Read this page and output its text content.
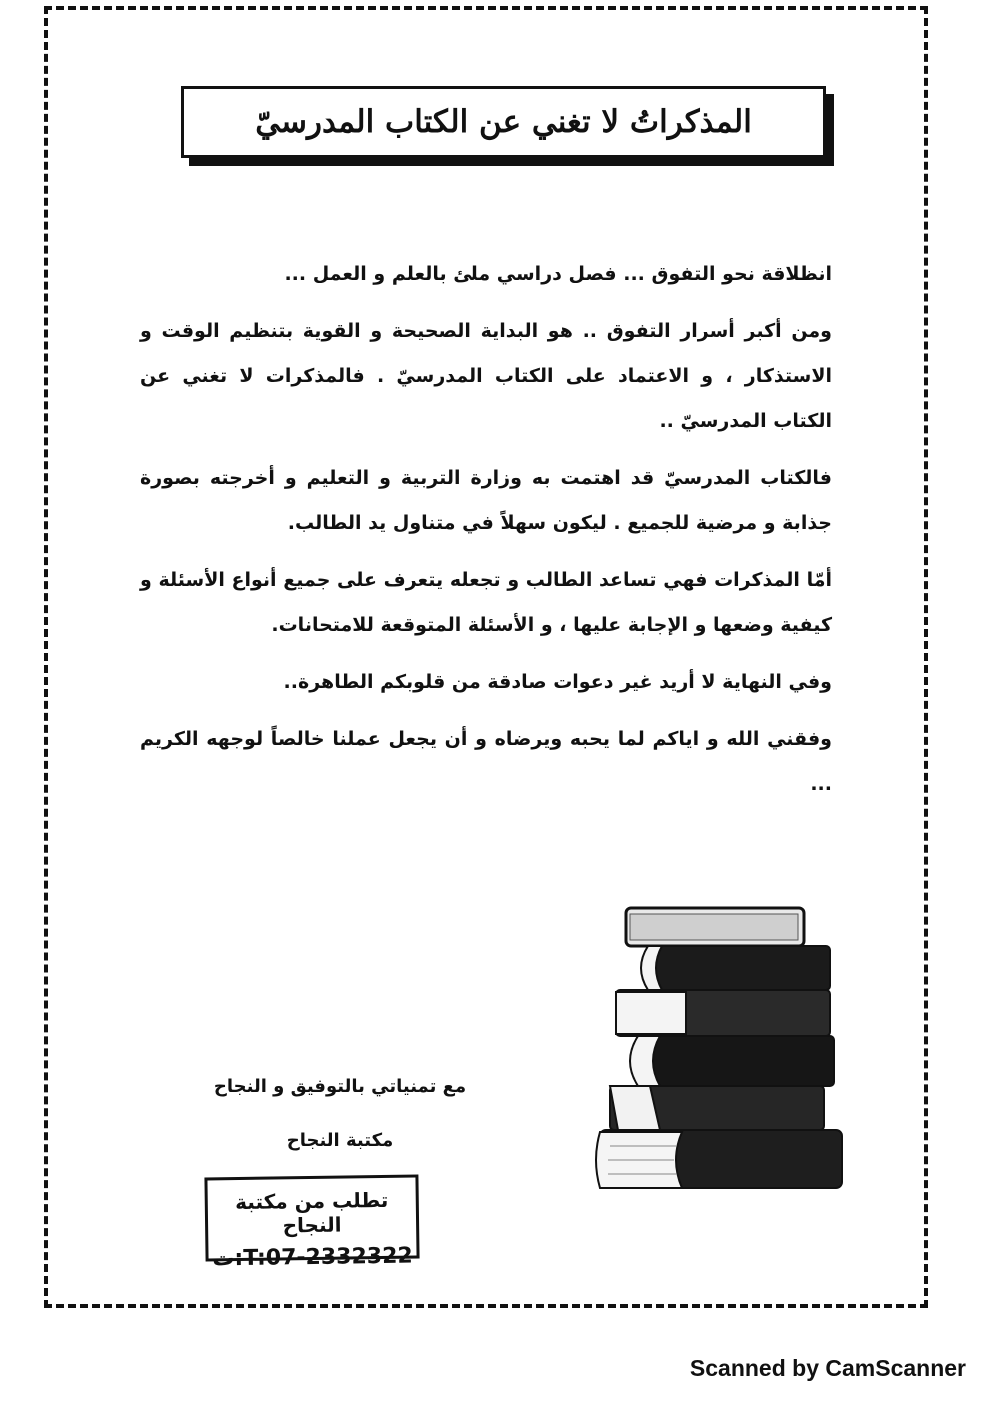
المذكراتُ لا تغني عن الكتاب المدرسيّ

انظلاقة نحو التفوق ... فصل دراسي ملئ بالعلم و العمل ...

ومن أكبر أسرار التفوق .. هو البداية الصحيحة و القوية بتنظيم الوقت و الاستذكار ، و الاعتماد على الكتاب المدرسيّ . فالمذكرات لا تغني عن الكتاب المدرسيّ ..

فالكتاب المدرسيّ قد اهتمت به وزارة التربية و التعليم و أخرجته بصورة جذابة و مرضية للجميع . ليكون سهلاً في متناول يد الطالب.

أمّا المذكرات فهي تساعد الطالب و تجعله يتعرف على جميع أنواع الأسئلة و كيفية وضعها و الإجابة عليها ، و الأسئلة المتوقعة للامتحانات.

وفي النهاية لا أريد غير دعوات صادقة من قلوبكم الطاهرة..

وفقني الله و اياكم لما يحبه ويرضاه و أن يجعل عملنا خالصاً لوجهه الكريم ...

مع تمنياتي بالتوفيق و النجاح
مكتبة النجاح
تطلب من مكتبة النجاح
ت:T:07-2332322
Scanned by CamScanner
